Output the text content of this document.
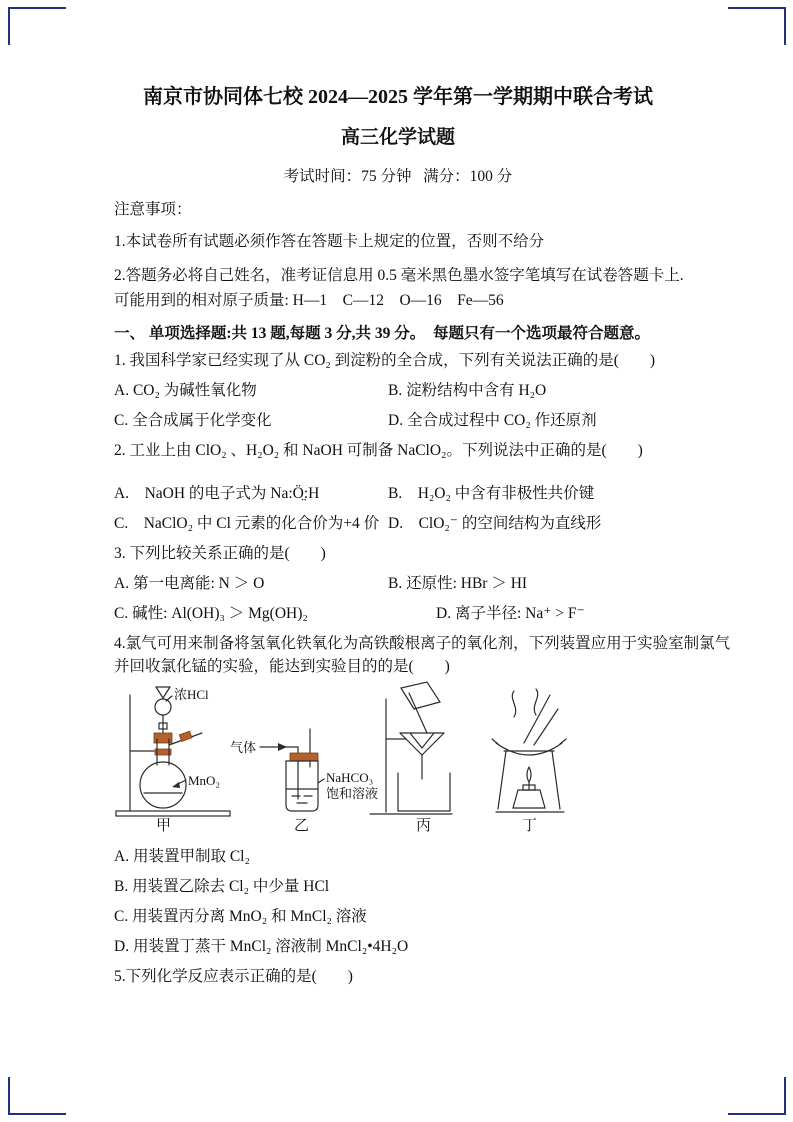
南京市协同体七校 2024—2025 学年第一学期期中联合考试

高三化学试题

考试时间：75 分钟   满分：100 分

注意事项：

1.本试卷所有试题必须作答在答题卡上规定的位置，否则不给分

2.答题务必将自己姓名，准考证信息用 0.5 毫米黑色墨水签字笔填写在试卷答题卡上.

可能用到的相对原子质量: H—1    C—12    O—16    Fe—56

一、 单项选择题:共 13 题,每题 3 分,共 39 分。  每题只有一个选项最符合题意。

1. 我国科学家已经实现了从 CO₂ 到淀粉的全合成，下列有关说法正确的是(　　)

A. CO₂ 为碱性氧化物	B. 淀粉结构中含有 H₂O
C. 全合成属于化学变化	D. 全合成过程中 CO₂ 作还原剂

2. 工业上由 ClO₂ 、H₂O₂ 和 NaOH 可制备 NaClO₂。下列说法中正确的是(　　)

A.　NaOH 的电子式为 Na:Ö̤:H	B.　H₂O₂ 中含有非极性共价键
C.　NaClO₂ 中 Cl 元素的化合价为+4 价 D.　ClO₂⁻ 的空间结构为直线形

3. 下列比较关系正确的是(　　)

A. 第一电离能: N ＞ O	B. 还原性: HBr ＞ HI
C. 碱性: Al(OH)₃ ＞ Mg(OH)₂	D. 离子半径: Na⁺ > F⁻

4.氯气可用来制备将氢氧化铁氧化为高铁酸根离子的氧化剂，下列装置应用于实验室制氯气

并回收氯化锰的实验，能达到实验目的的是(　　)

浓HCl
MnO₂
甲
气体
NaHCO₃
饱和溶液
乙	丙	丁

A. 用装置甲制取 Cl₂

B. 用装置乙除去 Cl₂ 中少量 HCl

C. 用装置丙分离 MnO₂ 和 MnCl₂ 溶液

D. 用装置丁蒸干 MnCl₂ 溶液制 MnCl₂•4H₂O

5.下列化学反应表示正确的是(　　)
